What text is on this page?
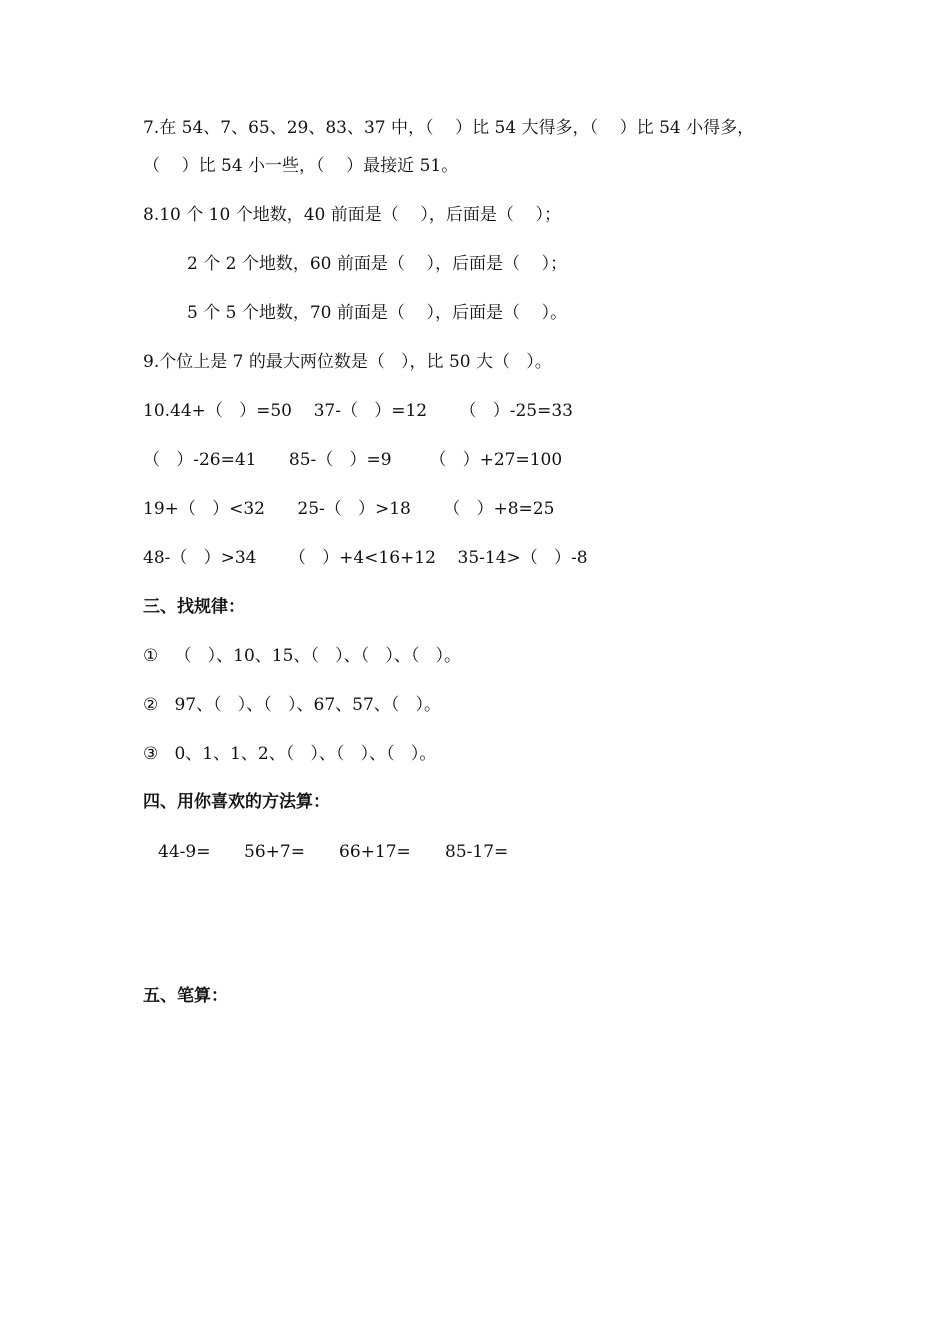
7.在 54、7、65、29、83、37 中，（    ）比 54 大得多，（    ）比 54 小得多，

（    ）比 54 小一些，（    ）最接近 51。

8.10 个 10 个地数，40 前面是（    ），后面是（    ）；

2 个 2 个地数，60 前面是（    ），后面是（    ）；

5 个 5 个地数，70 前面是（    ），后面是（    ）。

9.个位上是 7 的最大两位数是（   ），比 50 大（   ）。

10.44+（   ）=50    37-（   ）=12      （   ）-25=33

（   ）-26=41      85-（   ）=9       （   ）+27=100

19+（   ）<32      25-（   ）>18      （   ）+8=25

48-（   ）>34      （   ）+4<16+12    35-14>（   ）-8

三、找规律：

①   （   ）、10、15、（   ）、（   ）、（   ）。

②   97、（   ）、（   ）、67、57、（   ）。

③   0、1、1、2、（   ）、（   ）、（   ）。

四、用你喜欢的方法算：

44-9= 56+7= 66+17= 85-17=

五、笔算：
